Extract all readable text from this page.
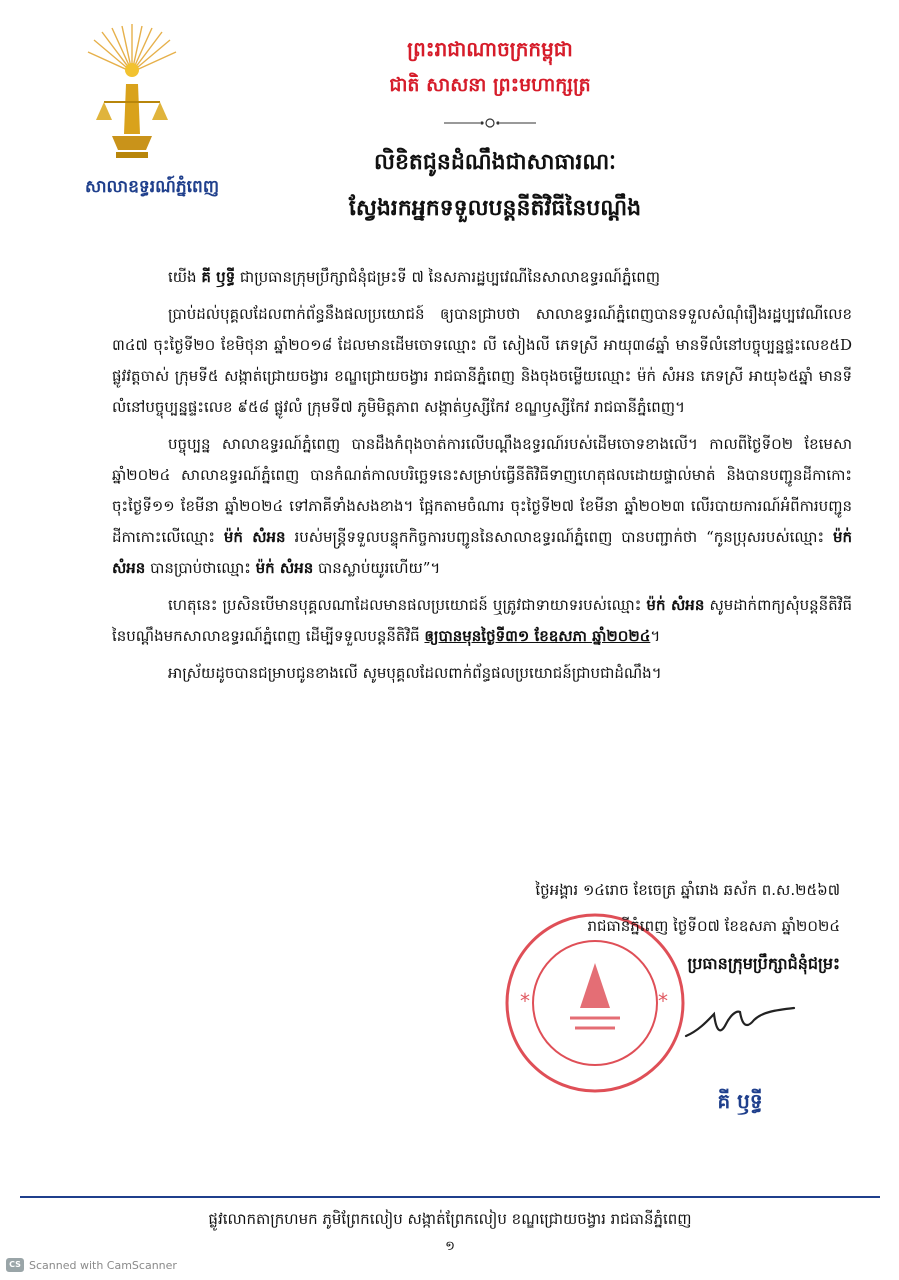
សាលាឧទ្ធរណ៍ភ្នំពេញ
ព្រះរាជាណាចក្រកម្ពុជា
ជាតិ សាសនា ព្រះមហាក្សត្រ
លិខិតជូនដំណឹងជាសាធារណៈ
ស្វែងរកអ្នកទទួលបន្តនីតិវិធីនៃបណ្ដឹង

យើង គី ឫទ្ធី ជាប្រធានក្រុមប្រឹក្សាជំនុំជម្រះទី ៧ នៃសភារដ្ឋប្បវេណីនៃសាលាឧទ្ធរណ៍ភ្នំពេញ

ប្រាប់ដល់បុគ្គលដែលពាក់ព័ន្ធនឹងផលប្រយោជន៍ ឲ្យបានជ្រាបថា សាលាឧទ្ធរណ៍ភ្នំពេញបានទទួលសំណុំរឿងរដ្ឋប្បវេណីលេខ ៣៤៧ ចុះថ្ងៃទី២០ ខែមិថុនា ឆ្នាំ២០១៨ ដែលមានដើមចោទឈ្មោះ លី សៀងលី ភេទស្រី អាយុ៣៨ឆ្នាំ មានទីលំនៅបច្ចុប្បន្នផ្ទះលេខ៥D ផ្លូវវត្តចាស់ ក្រុមទី៥ សង្កាត់ជ្រោយចង្វារ ខណ្ឌជ្រោយចង្វារ រាជធានីភ្នំពេញ និងចុងចម្លើយឈ្មោះ ម៉ក់ សំអន ភេទស្រី អាយុ៦៥ឆ្នាំ មានទីលំនៅបច្ចុប្បន្នផ្ទះលេខ ៩៥៨ ផ្លូវលំ ក្រុមទី៧ ភូមិមិត្តភាព សង្កាត់ឫស្សីកែវ ខណ្ឌឫស្សីកែវ រាជធានីភ្នំពេញ។

បច្ចុប្បន្ន សាលាឧទ្ធរណ៍ភ្នំពេញ បានដឹងកំពុងចាត់ការលើបណ្ដឹងឧទ្ធរណ៍របស់ដើមចោទខាងលើ។ កាលពីថ្ងៃទី០២ ខែមេសា ឆ្នាំ២០២៤ សាលាឧទ្ធរណ៍ភ្នំពេញ បានកំណត់កាលបរិច្ឆេទនេះសម្រាប់ធ្វើនីតិវិធីទាញហេតុផលដោយផ្ទាល់មាត់ និងបានបញ្ជូនដីកាកោះ ចុះថ្ងៃទី១១ ខែមីនា ឆ្នាំ២០២៤ ទៅភាគីទាំងសងខាង។ ផ្អែកតាមចំណារ ចុះថ្ងៃទី២៧ ខែមីនា ឆ្នាំ២០២៣ លើរបាយការណ៍អំពីការបញ្ជូនដីកាកោះលើឈ្មោះ ម៉ក់ សំអន របស់មន្ត្រីទទួលបន្ទុកកិច្ចការបញ្ជូននៃសាលាឧទ្ធរណ៍ភ្នំពេញ បានបញ្ជាក់ថា “កូនប្រុសរបស់ឈ្មោះ ម៉ក់ សំអន បានប្រាប់ថាឈ្មោះ ម៉ក់ សំអន បានស្លាប់យូរហើយ”។

ហេតុនេះ ប្រសិនបើមានបុគ្គលណាដែលមានផលប្រយោជន៍ ឬត្រូវជាទាយាទរបស់ឈ្មោះ ម៉ក់ សំអន សូមដាក់ពាក្យសុំបន្តនីតិវិធីនៃបណ្ដឹងមកសាលាឧទ្ធរណ៍ភ្នំពេញ ដើម្បីទទួលបន្តនីតិវិធី ឲ្យបានមុនថ្ងៃទី៣១ ខែឧសភា ឆ្នាំ២០២៤។

អាស្រ័យដូចបានជម្រាបជូនខាងលើ សូមបុគ្គលដែលពាក់ព័ន្ធផលប្រយោជន៍ជ្រាបជាដំណឹង។

*	*
ថ្ងៃអង្គារ ១៤រោច ខែចេត្រ ឆ្នាំរោង ឆស័ក ព.ស.២៥៦៧
រាជធានីភ្នំពេញ ថ្ងៃទី០៧ ខែឧសភា ឆ្នាំ២០២៤
ប្រធានក្រុមប្រឹក្សាជំនុំជម្រះ
គី ឫទ្ធី
ផ្លូវលោកតាក្រហមក ភូមិព្រែកលៀប សង្កាត់ព្រែកលៀប ខណ្ឌជ្រោយចង្វារ រាជធានីភ្នំពេញ
១
CS Scanned with CamScanner
